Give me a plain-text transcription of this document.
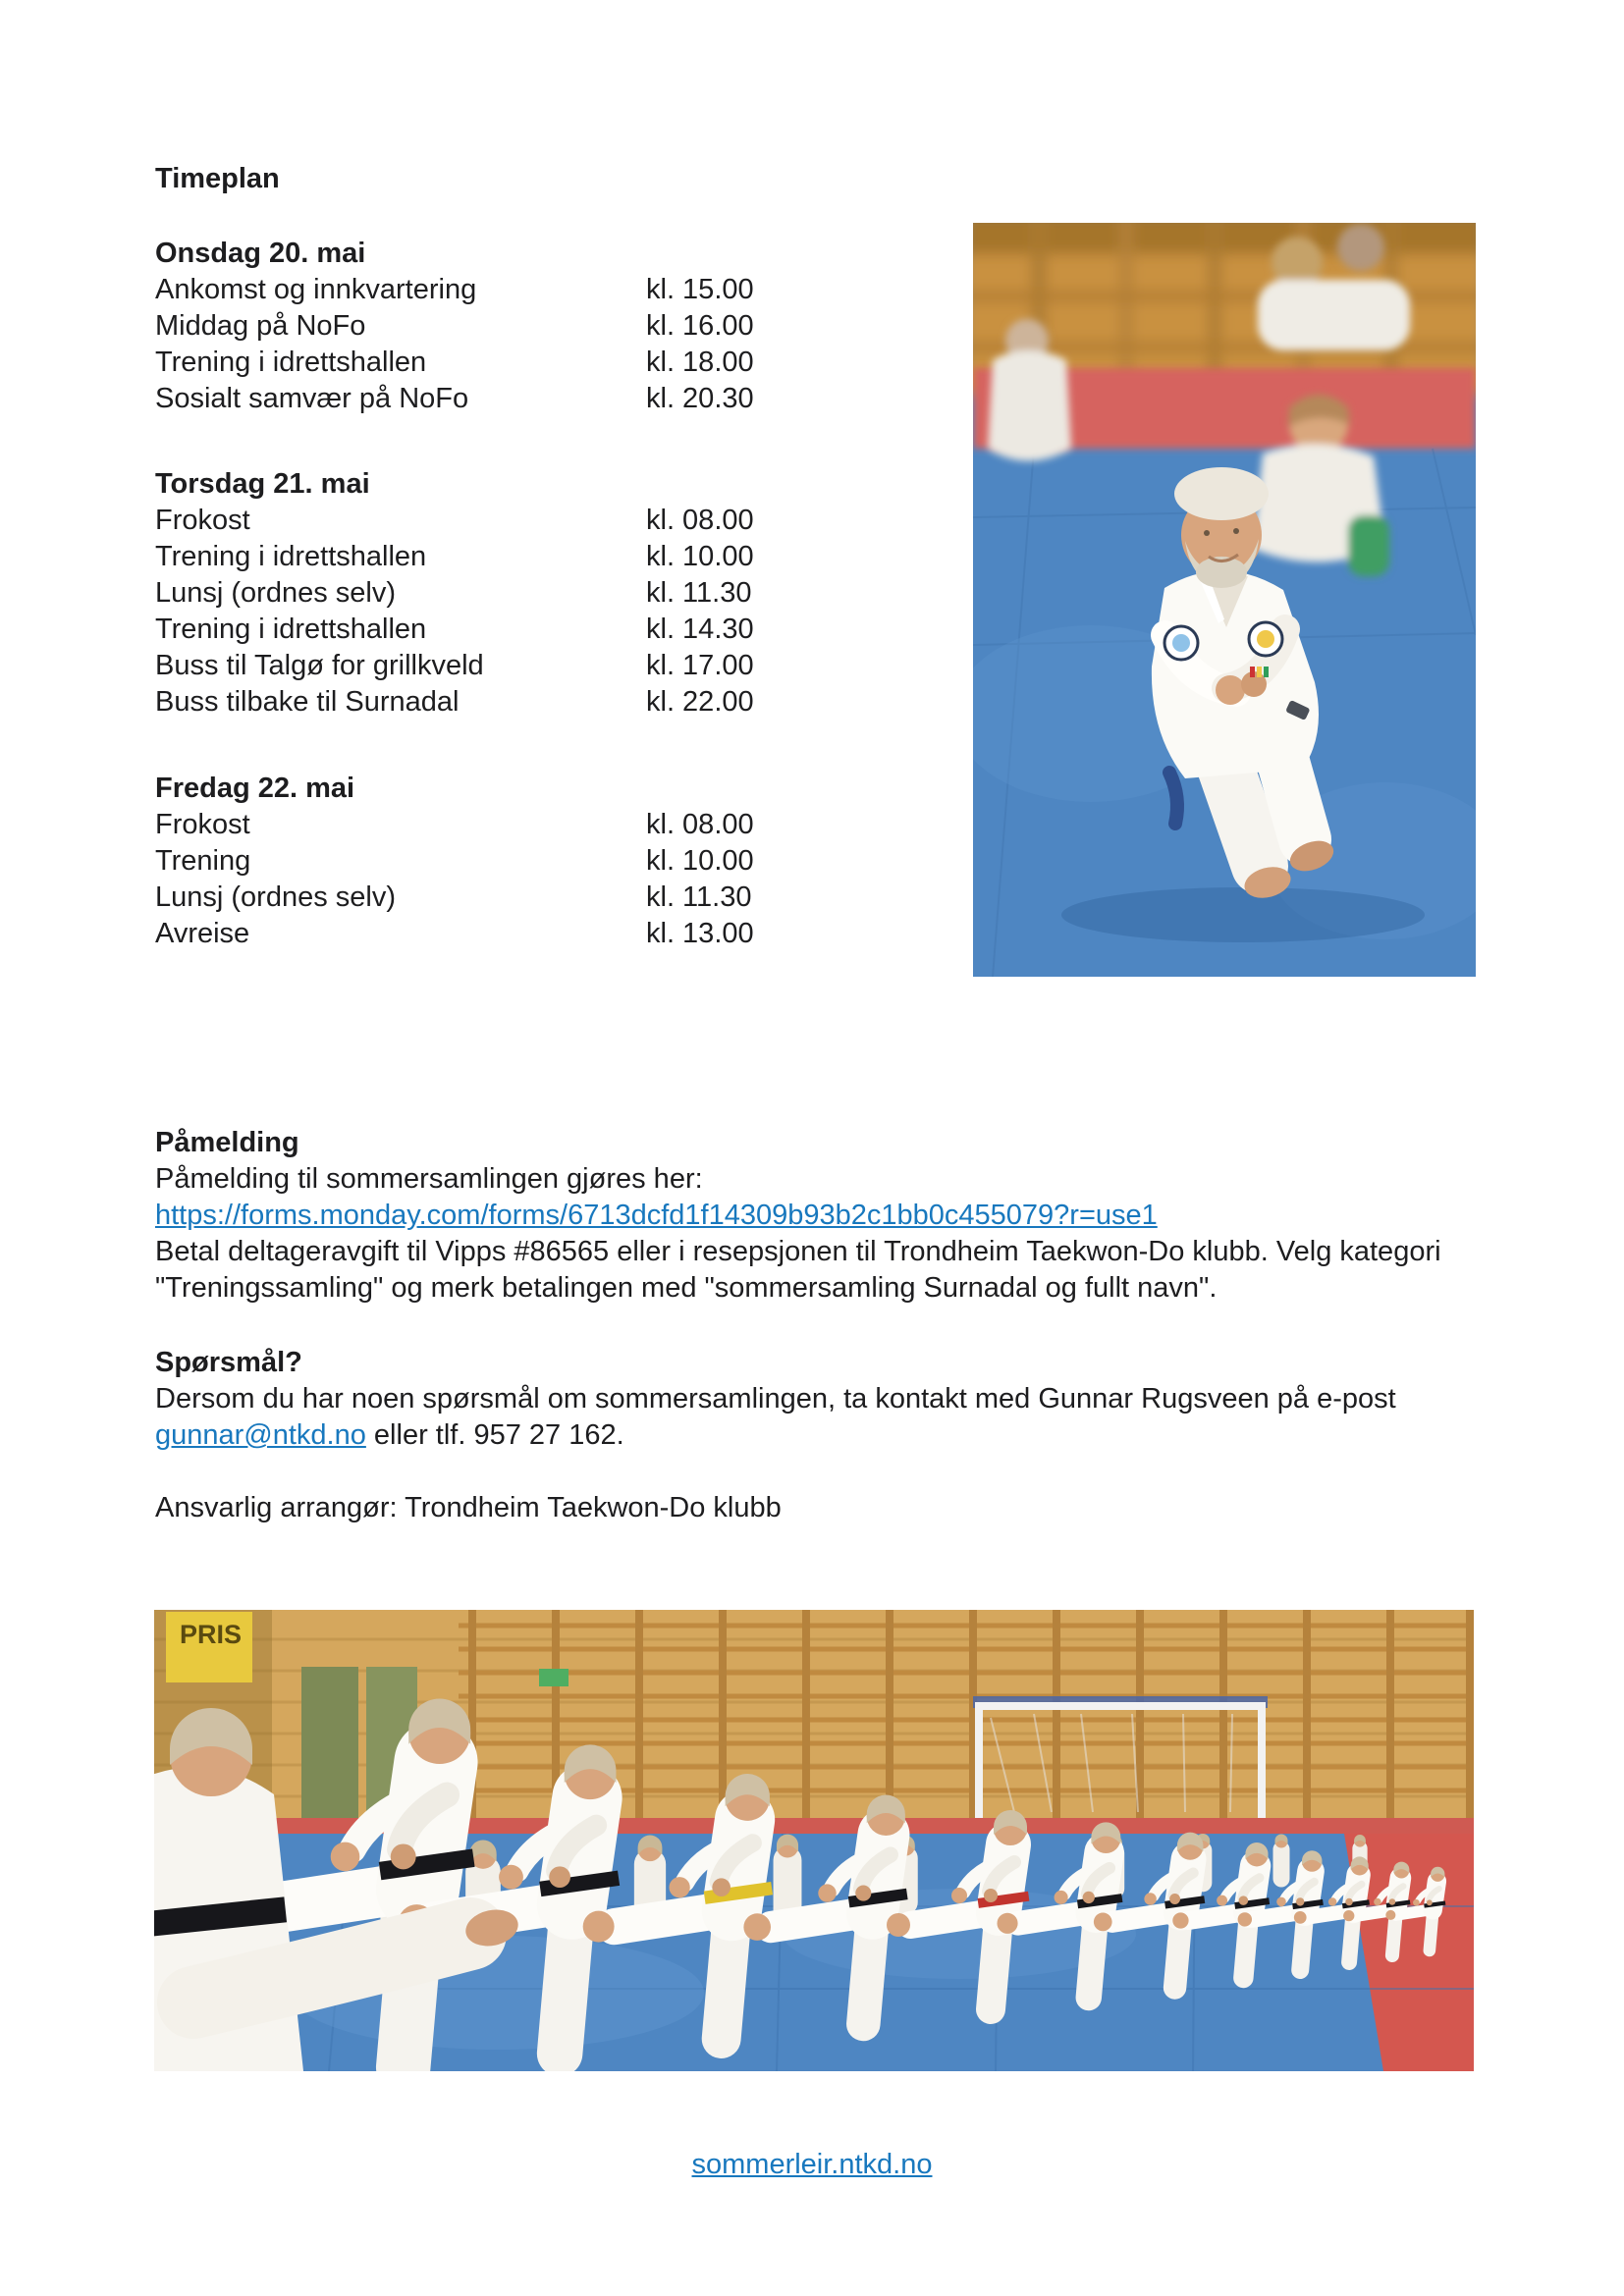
Timeplan
Onsdag 20. mai
Ankomst og innkvartering	kl. 15.00
Middag på NoFo	kl. 16.00
Trening i idrettshallen	kl. 18.00
Sosialt samvær på NoFo	kl. 20.30
Torsdag 21. mai
Frokost	kl. 08.00
Trening i idrettshallen	kl. 10.00
Lunsj (ordnes selv)	kl. 11.30
Trening i idrettshallen	kl. 14.30
Buss til Talgø for grillkveld	kl. 17.00
Buss tilbake til Surnadal	kl. 22.00
Fredag 22. mai
Frokost	kl. 08.00
Trening	kl. 10.00
Lunsj (ordnes selv)	kl. 11.30
Avreise	kl. 13.00
Påmelding
Påmelding til sommersamlingen gjøres her:
https://forms.monday.com/forms/6713dcfd1f14309b93b2c1bb0c455079?r=use1
Betal deltageravgift til Vipps #86565 eller i resepsjonen til Trondheim Taekwon-Do klubb. Velg kategori "Treningssamling" og merk betalingen med "sommersamling Surnadal og fullt navn".
Spørsmål?
Dersom du har noen spørsmål om sommersamlingen, ta kontakt med Gunnar Rugsveen på e-post gunnar@ntkd.no eller tlf. 957 27 162.
Ansvarlig arrangør: Trondheim Taekwon-Do klubb
PRIS
sommerleir.ntkd.no
